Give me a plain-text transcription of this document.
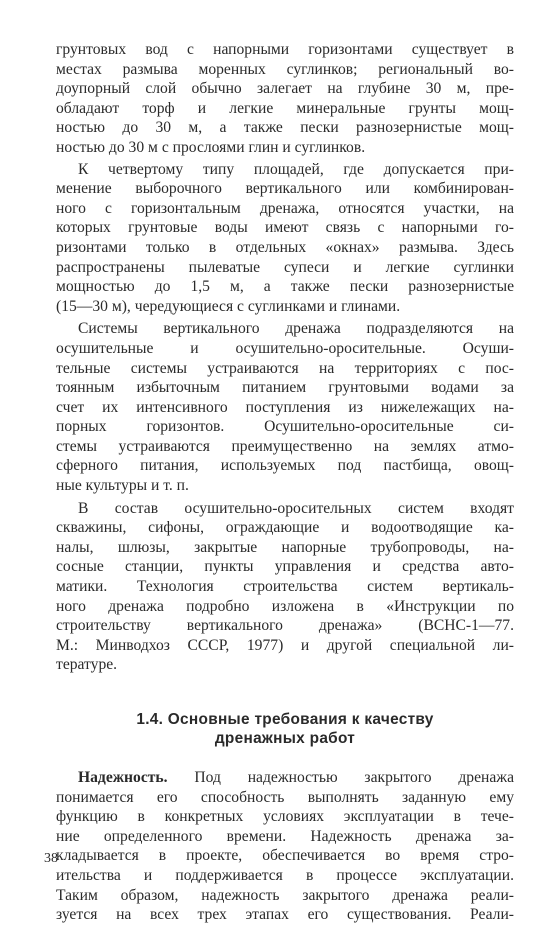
грунтовых вод с напорными горизонтами существует в
местах размыва моренных суглинков; региональный во-
доупорный слой обычно залегает на глубине 30 м, пре-
обладают торф и легкие минеральные грунты мощ-
ностью до 30 м, а также пески разнозернистые мощ-
ностью до 30 м с прослоями глин и суглинков.

К четвертому типу площадей, где допускается при-
менение выборочного вертикального или комбинирован-
ного с горизонтальным дренажа, относятся участки, на
которых грунтовые воды имеют связь с напорными го-
ризонтами только в отдельных «окнах» размыва. Здесь
распространены пылеватые супеси и легкие суглинки
мощностью до 1,5 м, а также пески разнозернистые
(15—30 м), чередующиеся с суглинками и глинами.

Системы вертикального дренажа подразделяются на
осушительные и осушительно-оросительные. Осуши-
тельные системы устраиваются на территориях с пос-
тоянным избыточным питанием грунтовыми водами за
счет их интенсивного поступления из нижележащих на-
порных горизонтов. Осушительно-оросительные си-
стемы устраиваются преимущественно на землях атмо-
сферного питания, используемых под пастбища, овощ-
ные культуры и т. п.

В состав осушительно-оросительных систем входят
скважины, сифоны, ограждающие и водоотводящие ка-
налы, шлюзы, закрытые напорные трубопроводы, на-
сосные станции, пункты управления и средства авто-
матики. Технология строительства систем вертикаль-
ного дренажа подробно изложена в «Инструкции по
строительству вертикального дренажа» (ВСНС-1—77.
М.: Минводхоз СССР, 1977) и другой специальной ли-
тературе.

1.4. Основные требования к качеству
дренажных работ

Надежность. Под надежностью закрытого дренажа
понимается его способность выполнять заданную ему
функцию в конкретных условиях эксплуатации в тече-
ние определенного времени. Надежность дренажа за-
кладывается в проекте, обеспечивается во время стро-
ительства и поддерживается в процессе эксплуатации.
Таким образом, надежность закрытого дренажа реали-
зуется на всех трех этапах его существования. Реали-

38
